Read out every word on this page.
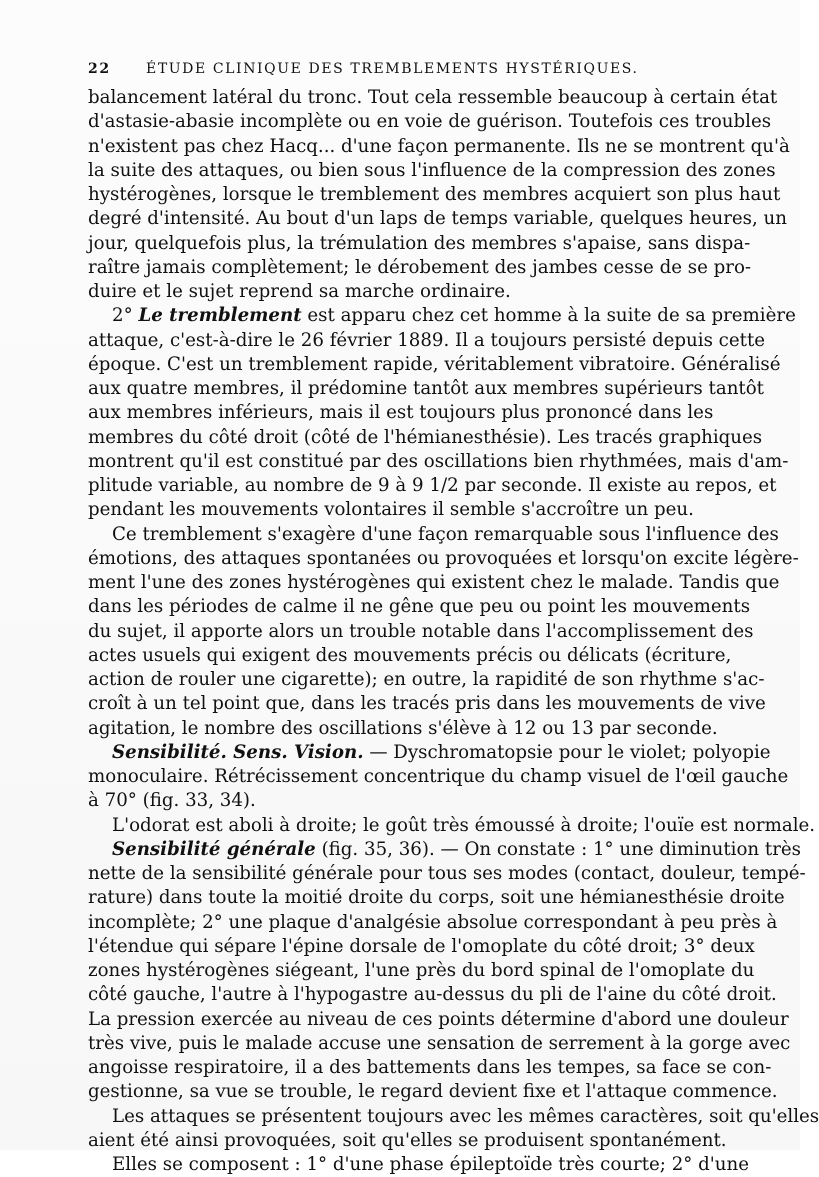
22	ÉTUDE CLINIQUE DES TREMBLEMENTS HYSTÉRIQUES.
balancement latéral du tronc. Tout cela ressemble beaucoup à certain état
d'astasie-abasie incomplète ou en voie de guérison. Toutefois ces troubles
n'existent pas chez Hacq... d'une façon permanente. Ils ne se montrent qu'à
la suite des attaques, ou bien sous l'influence de la compression des zones
hystérogènes, lorsque le tremblement des membres acquiert son plus haut
degré d'intensité. Au bout d'un laps de temps variable, quelques heures, un
jour, quelquefois plus, la trémulation des membres s'apaise, sans dispa-
raître jamais complètement; le dérobement des jambes cesse de se pro-
duire et le sujet reprend sa marche ordinaire.
2° Le tremblement est apparu chez cet homme à la suite de sa première
attaque, c'est-à-dire le 26 février 1889. Il a toujours persisté depuis cette
époque. C'est un tremblement rapide, véritablement vibratoire. Généralisé
aux quatre membres, il prédomine tantôt aux membres supérieurs tantôt
aux membres inférieurs, mais il est toujours plus prononcé dans les
membres du côté droit (côté de l'hémianesthésie). Les tracés graphiques
montrent qu'il est constitué par des oscillations bien rhythmées, mais d'am-
plitude variable, au nombre de 9 à 9 1/2 par seconde. Il existe au repos, et
pendant les mouvements volontaires il semble s'accroître un peu.
Ce tremblement s'exagère d'une façon remarquable sous l'influence des
émotions, des attaques spontanées ou provoquées et lorsqu'on excite légère-
ment l'une des zones hystérogènes qui existent chez le malade. Tandis que
dans les périodes de calme il ne gêne que peu ou point les mouvements
du sujet, il apporte alors un trouble notable dans l'accomplissement des
actes usuels qui exigent des mouvements précis ou délicats (écriture,
action de rouler une cigarette); en outre, la rapidité de son rhythme s'ac-
croît à un tel point que, dans les tracés pris dans les mouvements de vive
agitation, le nombre des oscillations s'élève à 12 ou 13 par seconde.
Sensibilité. Sens. Vision. — Dyschromatopsie pour le violet; polyopie
monoculaire. Rétrécissement concentrique du champ visuel de l'œil gauche
à 70° (fig. 33, 34).
L'odorat est aboli à droite; le goût très émoussé à droite; l'ouïe est normale.
Sensibilité générale (fig. 35, 36). — On constate : 1° une diminution très
nette de la sensibilité générale pour tous ses modes (contact, douleur, tempé-
rature) dans toute la moitié droite du corps, soit une hémianesthésie droite
incomplète; 2° une plaque d'analgésie absolue correspondant à peu près à
l'étendue qui sépare l'épine dorsale de l'omoplate du côté droit; 3° deux
zones hystérogènes siégeant, l'une près du bord spinal de l'omoplate du
côté gauche, l'autre à l'hypogastre au-dessus du pli de l'aine du côté droit.
La pression exercée au niveau de ces points détermine d'abord une douleur
très vive, puis le malade accuse une sensation de serrement à la gorge avec
angoisse respiratoire, il a des battements dans les tempes, sa face se con-
gestionne, sa vue se trouble, le regard devient fixe et l'attaque commence.
Les attaques se présentent toujours avec les mêmes caractères, soit qu'elles
aient été ainsi provoquées, soit qu'elles se produisent spontanément.
Elles se composent : 1° d'une phase épileptoïde très courte; 2° d'une
